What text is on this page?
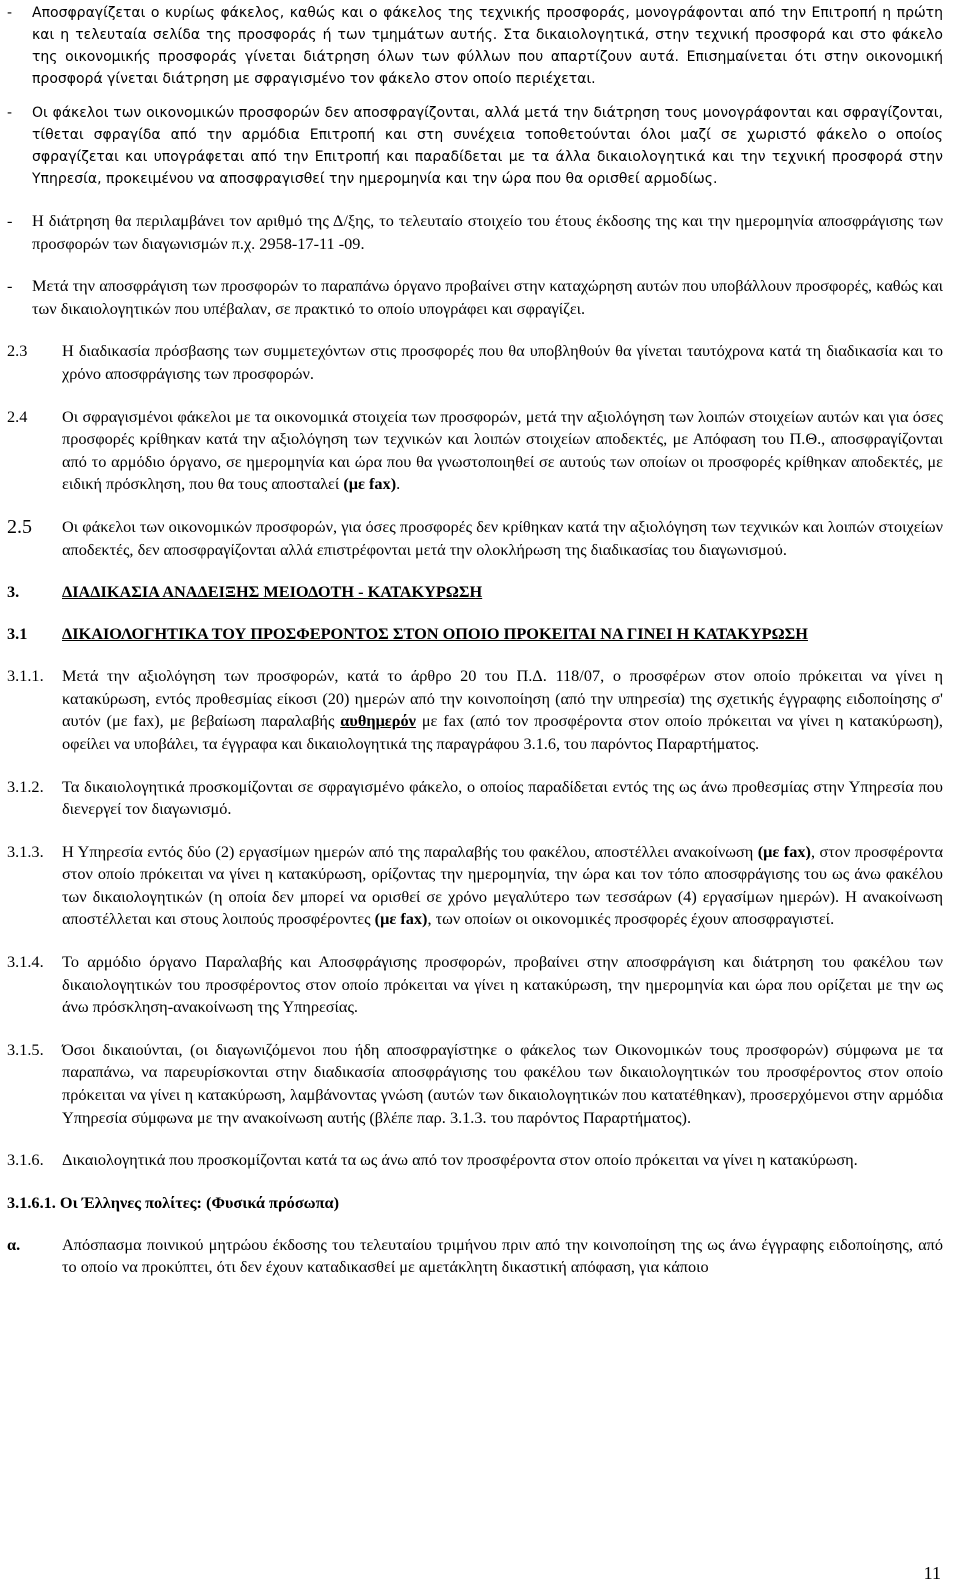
-	Αποσφραγίζεται ο κυρίως φάκελος, καθώς και ο φάκελος της τεχνικής προσφοράς, μονογράφονται από την Επιτροπή η πρώτη και η τελευταία σελίδα της προσφοράς ή των τμημάτων αυτής. Στα δικαιολογητικά, στην τεχνική προσφορά και στο φάκελο της οικονομικής προσφοράς γίνεται διάτρηση όλων των φύλλων που απαρτίζουν αυτά. Επισημαίνεται ότι στην οικονομική προσφορά γίνεται διάτρηση με σφραγισμένο τον φάκελο στον οποίο περιέχεται.
-	Οι φάκελοι των οικονομικών προσφορών δεν αποσφραγίζονται, αλλά μετά την διάτρηση τους μονογράφονται και σφραγίζονται, τίθεται σφραγίδα από την αρμόδια Επιτροπή και στη συνέχεια τοποθετούνται όλοι μαζί σε χωριστό φάκελο ο οποίος σφραγίζεται και υπογράφεται από την Επιτροπή και παραδίδεται με τα άλλα δικαιολογητικά και την τεχνική προσφορά στην Υπηρεσία, προκειμένου να αποσφραγισθεί την ημερομηνία και την ώρα που θα ορισθεί αρμοδίως.
-	Η διάτρηση θα περιλαμβάνει τον αριθμό της Δ/ξης, το τελευταίο στοιχείο του έτους έκδοσης της και την ημερομηνία αποσφράγισης των προσφορών των διαγωνισμών π.χ. 2958-17-11 -09.
-	Μετά την αποσφράγιση των προσφορών το παραπάνω όργανο προβαίνει στην καταχώρηση αυτών που υποβάλλουν προσφορές, καθώς και των δικαιολογητικών που υπέβαλαν, σε πρακτικό το οποίο υπογράφει και σφραγίζει.
2.3	Η διαδικασία πρόσβασης των συμμετεχόντων στις προσφορές που θα υποβληθούν θα γίνεται ταυτόχρονα κατά τη διαδικασία και το χρόνο αποσφράγισης των προσφορών.
2.4	Οι σφραγισμένοι φάκελοι με τα οικονομικά στοιχεία των προσφορών, μετά την αξιολόγηση των λοιπών στοιχείων αυτών και για όσες προσφορές κρίθηκαν κατά την αξιολόγηση των τεχνικών και λοιπών στοιχείων αποδεκτές, με Απόφαση του Π.Θ., αποσφραγίζονται από το αρμόδιο όργανο, σε ημερομηνία και ώρα που θα γνωστοποιηθεί σε αυτούς των οποίων οι προσφορές κρίθηκαν αποδεκτές, με ειδική πρόσκληση, που θα τους αποσταλεί (με fax).
2.5	Οι φάκελοι των οικονομικών προσφορών, για όσες προσφορές δεν κρίθηκαν κατά την αξιολόγηση των τεχνικών και λοιπών στοιχείων αποδεκτές, δεν αποσφραγίζονται αλλά επιστρέφονται μετά την ολοκλήρωση της διαδικασίας του διαγωνισμού.
3.	ΔΙΑΔΙΚΑΣΙΑ ΑΝΑΔΕΙΞΗΣ ΜΕΙΟΔΟΤΗ - ΚΑΤΑΚΥΡΩΣΗ
3.1	ΔΙΚΑΙΟΛΟΓΗΤΙΚΑ ΤΟΥ ΠΡΟΣΦΕΡΟΝΤΟΣ ΣΤΟΝ ΟΠΟΙΟ ΠΡΟΚΕΙΤΑΙ ΝΑ ΓΙΝΕΙ Η ΚΑΤΑΚΥΡΩΣΗ
3.1.1.	Μετά την αξιολόγηση των προσφορών, κατά το άρθρο 20 του Π.Δ. 118/07, ο προσφέρων στον οποίο πρόκειται να γίνει η κατακύρωση, εντός προθεσμίας είκοσι (20) ημερών από την κοινοποίηση (από την υπηρεσία) της σχετικής έγγραφης ειδοποίησης σ' αυτόν (με fax), με βεβαίωση παραλαβής αυθημερόν με fax (από τον προσφέροντα στον οποίο πρόκειται να γίνει η κατακύρωση), οφείλει να υποβάλει, τα έγγραφα και δικαιολογητικά της παραγράφου 3.1.6, του παρόντος Παραρτήματος.
3.1.2.	Τα δικαιολογητικά προσκομίζονται σε σφραγισμένο φάκελο, ο οποίος παραδίδεται εντός της ως άνω προθεσμίας στην Υπηρεσία που διενεργεί τον διαγωνισμό.
3.1.3.	Η Υπηρεσία εντός δύο (2) εργασίμων ημερών από της παραλαβής του φακέλου, αποστέλλει ανακοίνωση (με fax), στον προσφέροντα στον οποίο πρόκειται να γίνει η κατακύρωση, ορίζοντας την ημερομηνία, την ώρα και τον τόπο αποσφράγισης του ως άνω φακέλου των δικαιολογητικών (η οποία δεν μπορεί να ορισθεί σε χρόνο μεγαλύτερο των τεσσάρων (4) εργασίμων ημερών). Η ανακοίνωση αποστέλλεται και στους λοιπούς προσφέροντες (με fax), των οποίων οι οικονομικές προσφορές έχουν αποσφραγιστεί.
3.1.4.	Το αρμόδιο όργανο Παραλαβής και Αποσφράγισης προσφορών, προβαίνει στην αποσφράγιση και διάτρηση του φακέλου των δικαιολογητικών του προσφέροντος στον οποίο πρόκειται να γίνει η κατακύρωση, την ημερομηνία και ώρα που ορίζεται με την ως άνω πρόσκληση-ανακοίνωση της Υπηρεσίας.
3.1.5.	Όσοι δικαιούνται, (οι διαγωνιζόμενοι που ήδη αποσφραγίστηκε ο φάκελος των Οικονομικών τους προσφορών) σύμφωνα με τα παραπάνω, να παρευρίσκονται στην διαδικασία αποσφράγισης του φακέλου των δικαιολογητικών του προσφέροντος στον οποίο πρόκειται να γίνει η κατακύρωση, λαμβάνοντας γνώση (αυτών των δικαιολογητικών που κατατέθηκαν), προσερχόμενοι στην αρμόδια Υπηρεσία σύμφωνα με την ανακοίνωση αυτής (βλέπε παρ. 3.1.3. του παρόντος Παραρτήματος).
3.1.6.	Δικαιολογητικά που προσκομίζονται κατά τα ως άνω από τον προσφέροντα στον οποίο πρόκειται να γίνει η κατακύρωση.
3.1.6.1. Οι Έλληνες πολίτες: (Φυσικά πρόσωπα)
α.	Απόσπασμα ποινικού μητρώου έκδοσης του τελευταίου τριμήνου πριν από την κοινοποίηση της ως άνω έγγραφης ειδοποίησης, από το οποίο να προκύπτει, ότι δεν έχουν καταδικασθεί με αμετάκλητη δικαστική απόφαση, για κάποιο
11
